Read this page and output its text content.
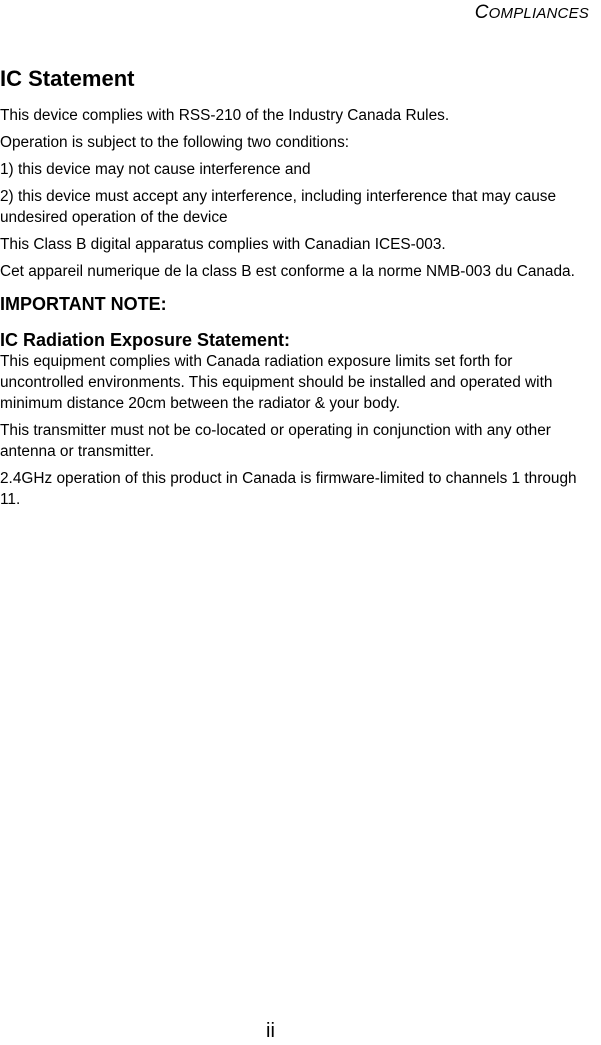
COMPLIANCES
IC Statement

This device complies with RSS-210 of the Industry Canada Rules.

Operation is subject to the following two conditions:

1) this device may not cause interference and

2) this device must accept any interference, including interference that may cause undesired operation of the device

This Class B digital apparatus complies with Canadian ICES-003.

Cet appareil numerique de la class B est conforme a la norme NMB-003 du Canada.

IMPORTANT NOTE:
IC Radiation Exposure Statement:

This equipment complies with Canada radiation exposure limits set forth for uncontrolled environments. This equipment should be installed and operated with minimum distance 20cm between the radiator & your body.

This transmitter must not be co-located or operating in conjunction with any other antenna or transmitter.

2.4GHz operation of this product in Canada is firmware-limited to channels 1 through 11.

ii
